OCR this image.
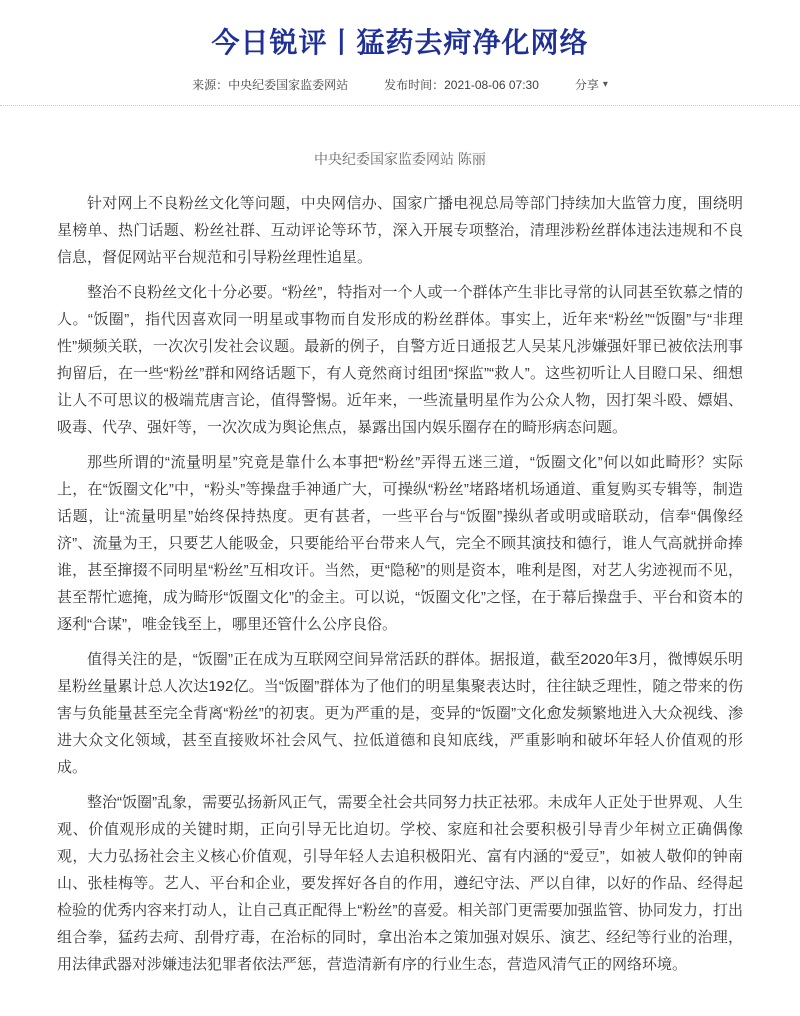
今日锐评丨猛药去疴净化网络
来源：中央纪委国家监委网站	发布时间：2021-08-06 07:30	分享 ▾
中央纪委国家监委网站 陈丽

针对网上不良粉丝文化等问题，中央网信办、国家广播电视总局等部门持续加大监管力度，围绕明星榜单、热门话题、粉丝社群、互动评论等环节，深入开展专项整治，清理涉粉丝群体违法违规和不良信息，督促网站平台规范和引导粉丝理性追星。

整治不良粉丝文化十分必要。“粉丝”，特指对一个人或一个群体产生非比寻常的认同甚至钦慕之情的人。“饭圈”，指代因喜欢同一明星或事物而自发形成的粉丝群体。事实上，近年来“粉丝”“饭圈”与“非理性”频频关联，一次次引发社会议题。最新的例子，自警方近日通报艺人吴某凡涉嫌强奸罪已被依法刑事拘留后，在一些“粉丝”群和网络话题下，有人竟然商讨组团“探监”“救人”。这些初听让人目瞪口呆、细想让人不可思议的极端荒唐言论，值得警惕。近年来，一些流量明星作为公众人物，因打架斗殴、嫖娼、吸毒、代孕、强奸等，一次次成为舆论焦点，暴露出国内娱乐圈存在的畸形病态问题。

那些所谓的“流量明星”究竟是靠什么本事把“粉丝”弄得五迷三道，“饭圈文化”何以如此畸形？实际上，在“饭圈文化”中，“粉头”等操盘手神通广大，可操纵“粉丝”堵路堵机场通道、重复购买专辑等，制造话题，让“流量明星”始终保持热度。更有甚者，一些平台与“饭圈”操纵者或明或暗联动，信奉“偶像经济”、流量为王，只要艺人能吸金，只要能给平台带来人气，完全不顾其演技和德行，谁人气高就拼命捧谁，甚至撺掇不同明星“粉丝”互相攻讦。当然，更“隐秘”的则是资本，唯利是图，对艺人劣迹视而不见，甚至帮忙遮掩，成为畸形“饭圈文化”的金主。可以说，“饭圈文化”之怪，在于幕后操盘手、平台和资本的逐利“合谋”，唯金钱至上，哪里还管什么公序良俗。

值得关注的是，“饭圈”正在成为互联网空间异常活跃的群体。据报道，截至2020年3月，微博娱乐明星粉丝量累计总人次达192亿。当“饭圈”群体为了他们的明星集聚表达时，往往缺乏理性，随之带来的伤害与负能量甚至完全背离“粉丝”的初衷。更为严重的是，变异的“饭圈”文化愈发频繁地进入大众视线、渗进大众文化领域，甚至直接败坏社会风气、拉低道德和良知底线，严重影响和破坏年轻人价值观的形成。

整治“饭圈”乱象，需要弘扬新风正气，需要全社会共同努力扶正祛邪。未成年人正处于世界观、人生观、价值观形成的关键时期，正向引导无比迫切。学校、家庭和社会要积极引导青少年树立正确偶像观，大力弘扬社会主义核心价值观，引导年轻人去追积极阳光、富有内涵的“爱豆”，如被人敬仰的钟南山、张桂梅等。艺人、平台和企业，要发挥好各自的作用，遵纪守法、严以自律，以好的作品、经得起检验的优秀内容来打动人，让自己真正配得上“粉丝”的喜爱。相关部门更需要加强监管、协同发力，打出组合拳，猛药去疴、刮骨疗毒，在治标的同时，拿出治本之策加强对娱乐、演艺、经纪等行业的治理，用法律武器对涉嫌违法犯罪者依法严惩，营造清新有序的行业生态，营造风清气正的网络环境。
